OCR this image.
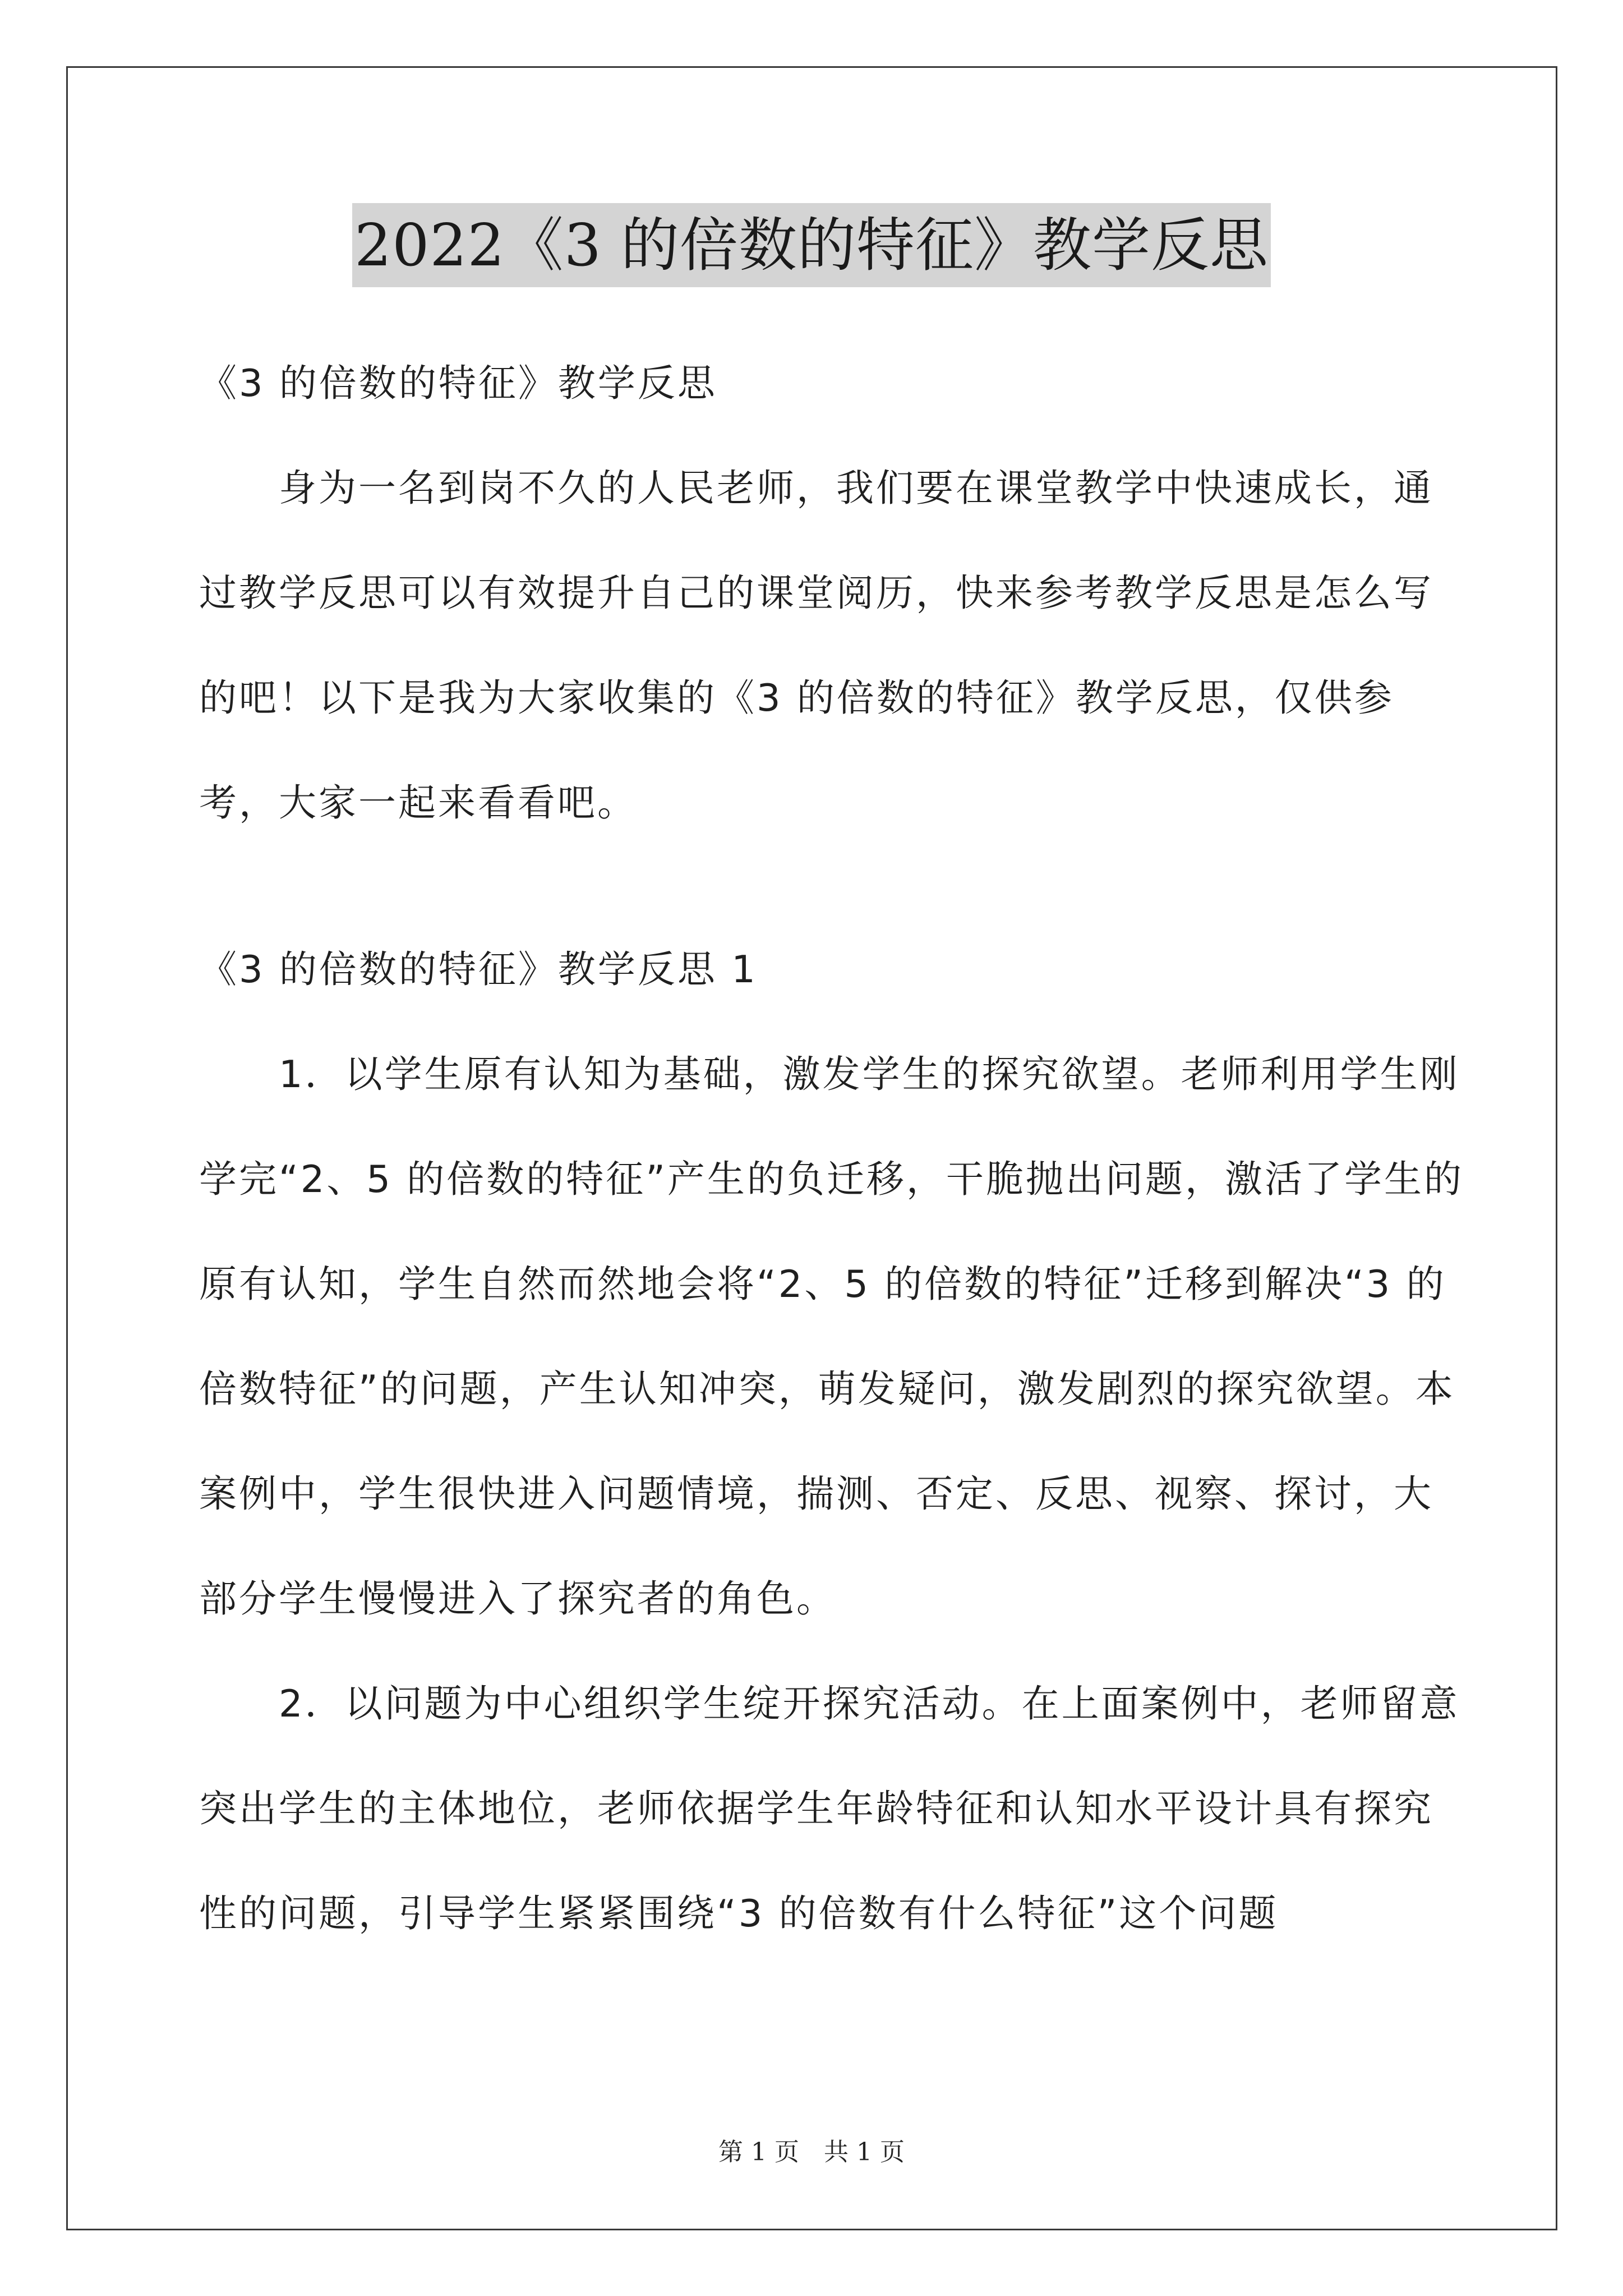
2022《3 的倍数的特征》教学反思

《3 的倍数的特征》教学反思

身为一名到岗不久的人民老师，我们要在课堂教学中快速成长，通过教学反思可以有效提升自己的课堂阅历，快来参考教学反思是怎么写的吧！以下是我为大家收集的《3 的倍数的特征》教学反思，仅供参考，大家一起来看看吧。

《3 的倍数的特征》教学反思 1

1．以学生原有认知为基础，激发学生的探究欲望。老师利用学生刚学完“2、5 的倍数的特征”产生的负迁移，干脆抛出问题，激活了学生的原有认知，学生自然而然地会将“2、5 的倍数的特征”迁移到解决“3 的倍数特征”的问题，产生认知冲突，萌发疑问，激发剧烈的探究欲望。本案例中，学生很快进入问题情境，揣测、否定、反思、视察、探讨，大部分学生慢慢进入了探究者的角色。

2．以问题为中心组织学生绽开探究活动。在上面案例中，老师留意突出学生的主体地位，老师依据学生年龄特征和认知水平设计具有探究性的问题，引导学生紧紧围绕“3 的倍数有什么特征”这个问题

第 1 页　共 1 页
